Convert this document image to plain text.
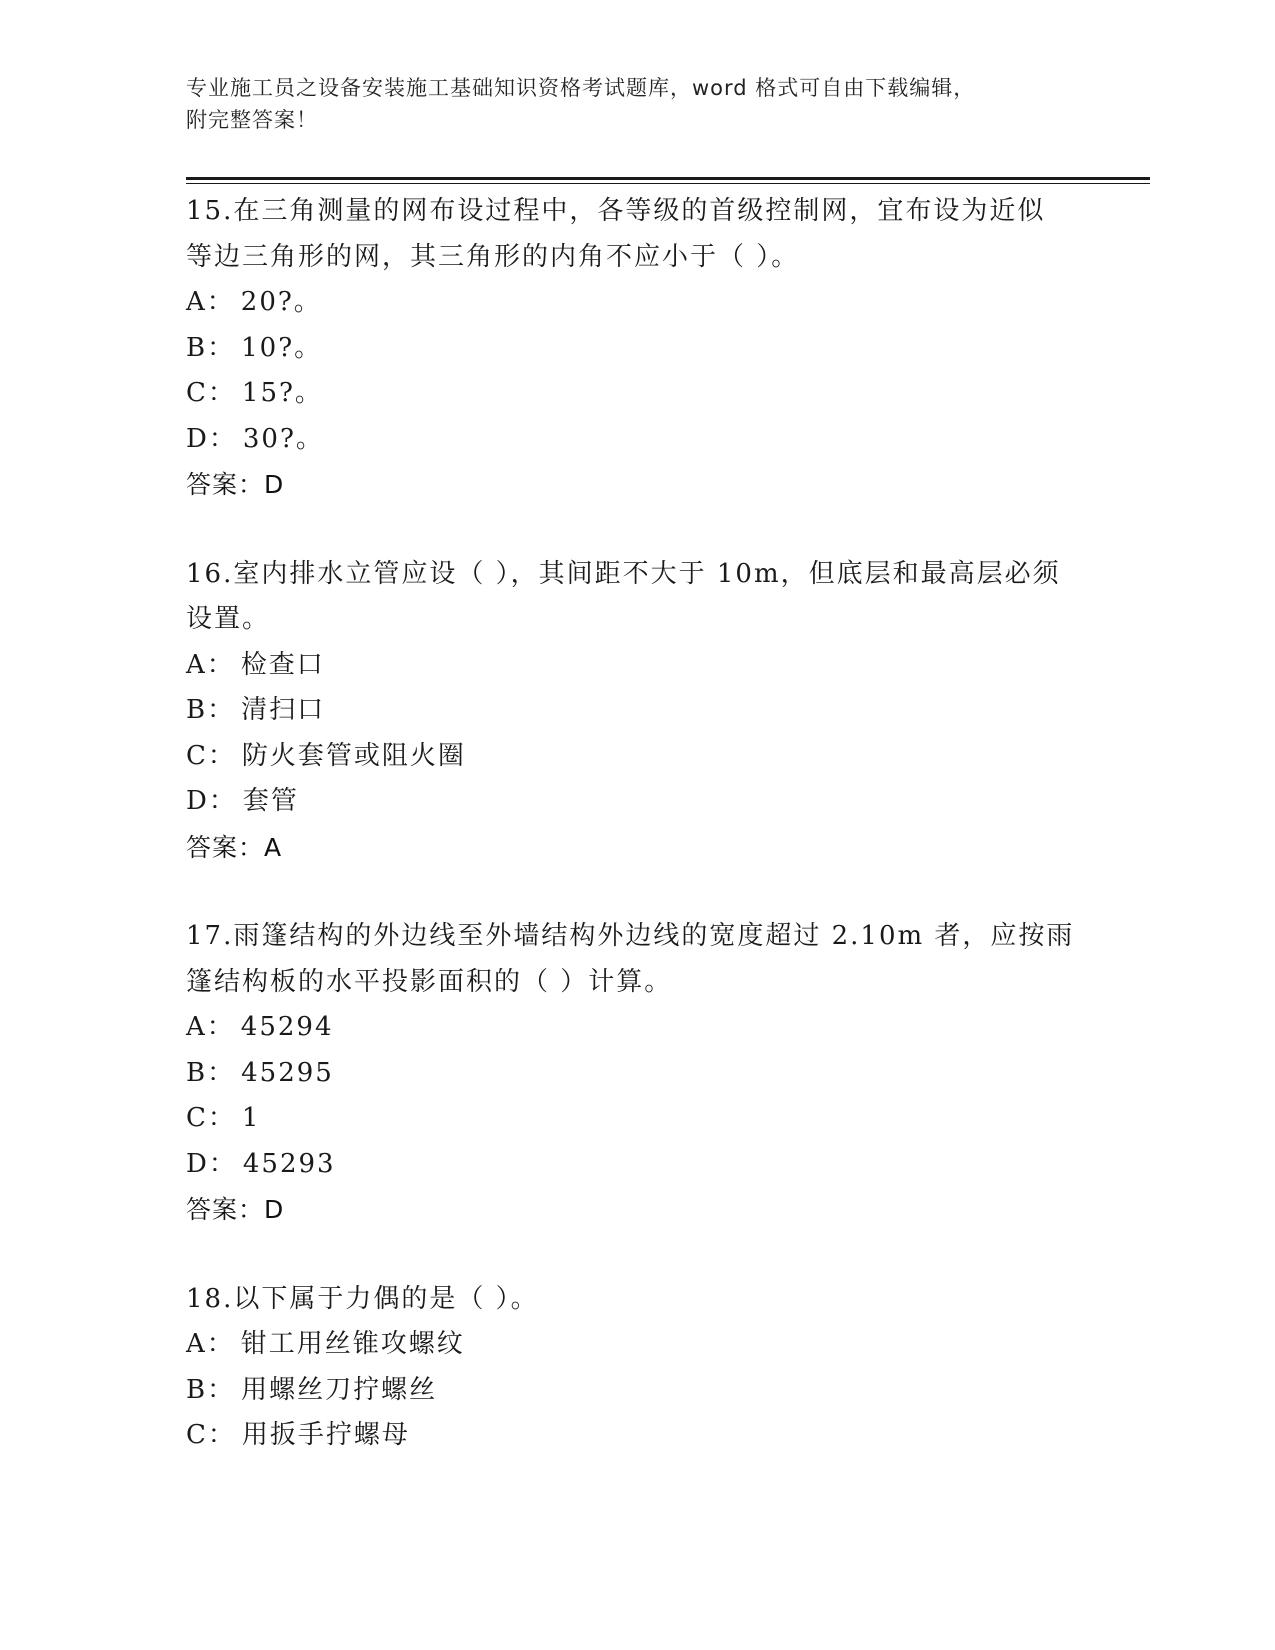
专业施工员之设备安装施工基础知识资格考试题库，word 格式可自由下载编辑，
附完整答案！
15.在三角测量的网布设过程中，各等级的首级控制网，宜布设为近似
等边三角形的网，其三角形的内角不应小于（ ）。
A： 20?。
B： 10?。
C： 15?。
D： 30?。
答案：D
16.室内排水立管应设（ ），其间距不大于 10m，但底层和最高层必须
设置。
A： 检查口
B： 清扫口
C： 防火套管或阻火圈
D： 套管
答案：A
17.雨篷结构的外边线至外墙结构外边线的宽度超过 2.10m 者，应按雨
篷结构板的水平投影面积的（ ）计算。
A： 45294
B： 45295
C： 1
D： 45293
答案：D
18.以下属于力偶的是（ ）。
A： 钳工用丝锥攻螺纹
B： 用螺丝刀拧螺丝
C： 用扳手拧螺母
